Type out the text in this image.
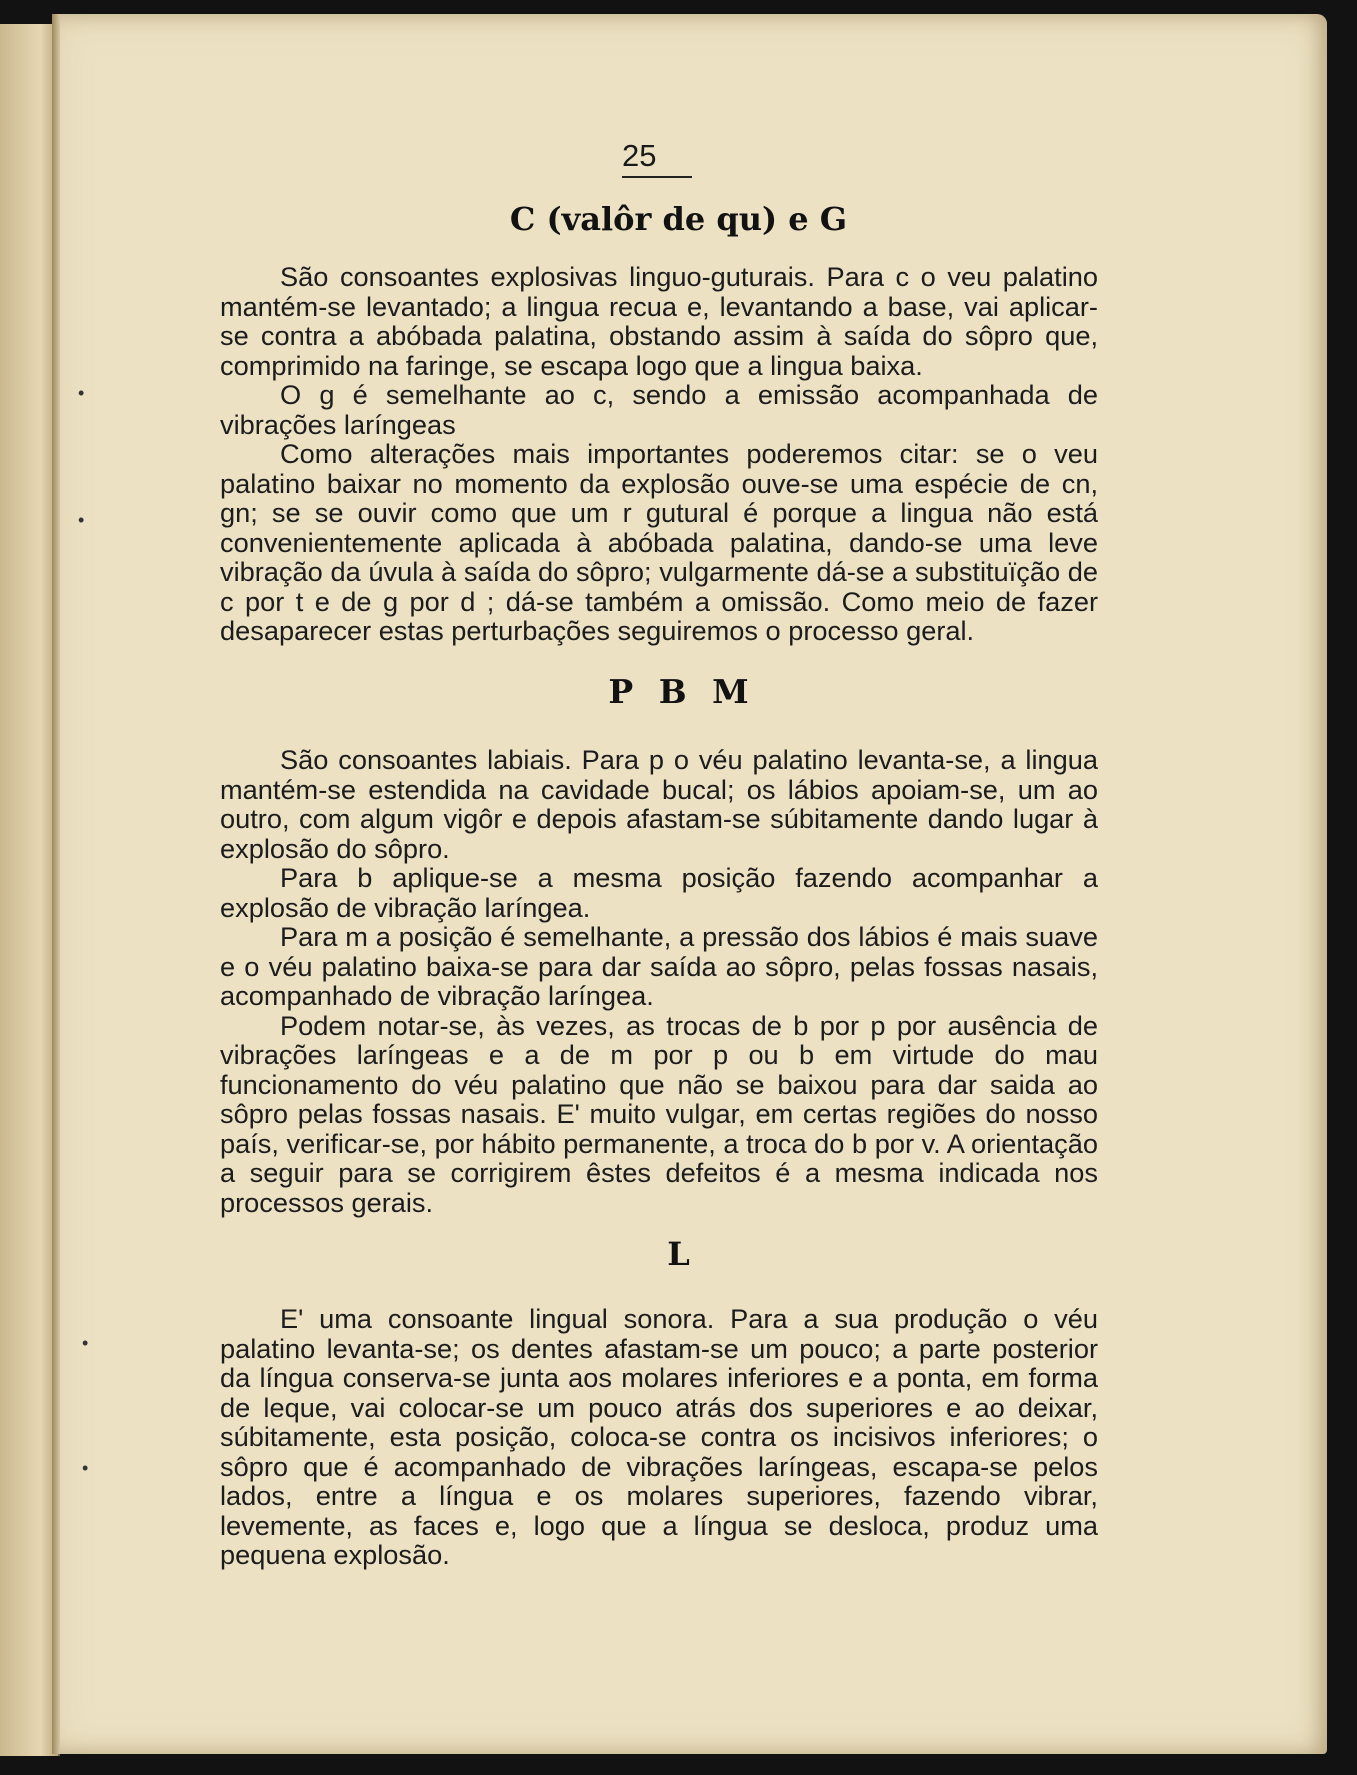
25
C (valôr de qu) e G
São consoantes explosivas linguo-guturais. Para c o veu palatino mantém-se levantado; a lingua recua e, levantando a base, vai aplicar-se contra a abóbada palatina, obstando assim à saída do sôpro que, comprimido na faringe, se escapa logo que a lingua baixa.
O g é semelhante ao c, sendo a emissão acompanhada de vibrações laríngeas
Como alterações mais importantes poderemos citar: se o veu palatino baixar no momento da explosão ouve-se uma espécie de cn, gn; se se ouvir como que um r gutural é porque a lingua não está convenientemente aplicada à abóbada palatina, dando-se uma leve vibração da úvula à saída do sôpro; vulgarmente dá-se a substituïção de c por t e de g por d ; dá-se também a omissão. Como meio de fazer desaparecer estas perturbações seguiremos o processo geral.
P B M
São consoantes labiais. Para p o véu palatino levanta-se, a lingua mantém-se estendida na cavidade bucal; os lábios apoiam-se, um ao outro, com algum vigôr e depois afastam-se súbitamente dando lugar à explosão do sôpro.
Para b aplique-se a mesma posição fazendo acompanhar a explosão de vibração laríngea.
Para m a posição é semelhante, a pressão dos lábios é mais suave e o véu palatino baixa-se para dar saída ao sôpro, pelas fossas nasais, acompanhado de vibração laríngea.
Podem notar-se, às vezes, as trocas de b por p por ausência de vibrações laríngeas e a de m por p ou b em virtude do mau funcionamento do véu palatino que não se baixou para dar saida ao sôpro pelas fossas nasais. E' muito vulgar, em certas regiões do nosso país, verificar-se, por hábito permanente, a troca do b por v. A orientação a seguir para se corrigirem êstes defeitos é a mesma indicada nos processos gerais.
L
E' uma consoante lingual sonora. Para a sua produção o véu palatino levanta-se; os dentes afastam-se um pouco; a parte posterior da língua conserva-se junta aos molares inferiores e a ponta, em forma de leque, vai colocar-se um pouco atrás dos superiores e ao deixar, súbitamente, esta posição, coloca-se contra os incisivos inferiores; o sôpro que é acompanhado de vibrações laríngeas, escapa-se pelos lados, entre a língua e os molares superiores, fazendo vibrar, levemente, as faces e, logo que a língua se desloca, produz uma pequena explosão.
•
•
•
•
